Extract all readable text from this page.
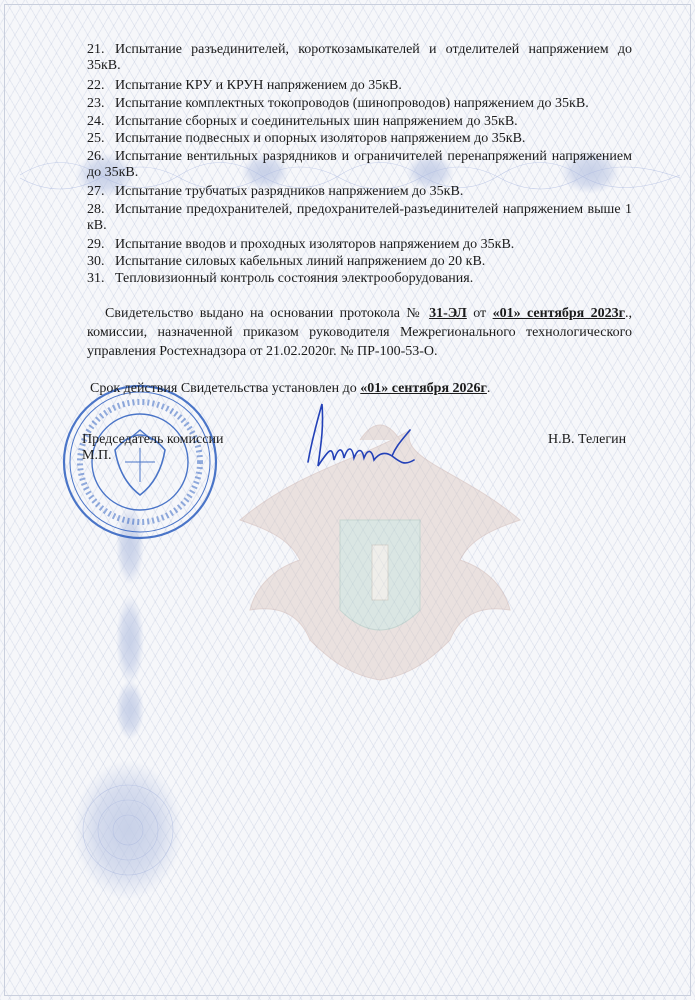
21. Испытание разъединителей, короткозамыкателей и отделителей напряжением до 35кВ.
22. Испытание КРУ и КРУН напряжением до 35кВ.
23. Испытание комплектных токопроводов (шинопроводов) напряжением до 35кВ.
24. Испытание сборных и соединительных шин напряжением до 35кВ.
25. Испытание подвесных и опорных изоляторов напряжением до 35кВ.
26. Испытание вентильных разрядников и ограничителей перенапряжений напряжением до 35кВ.
27. Испытание трубчатых разрядников напряжением до 35кВ.
28. Испытание предохранителей, предохранителей-разъединителей напряжением выше 1 кВ.
29. Испытание вводов и проходных изоляторов напряжением до 35кВ.
30. Испытание силовых кабельных линий напряжением до 20 кВ.
31. Тепловизионный контроль состояния электрооборудования.
Свидетельство выдано на основании протокола № 31-ЭЛ от «01» сентября 2023г., комиссии, назначенной приказом руководителя Межрегионального технологического управления Ростехнадзора от 21.02.2020г. № ПР-100-53-О.
Срок действия Свидетельства установлен до «01» сентября 2026г.
Председатель комиссии
М.П.
Н.В. Телегин
